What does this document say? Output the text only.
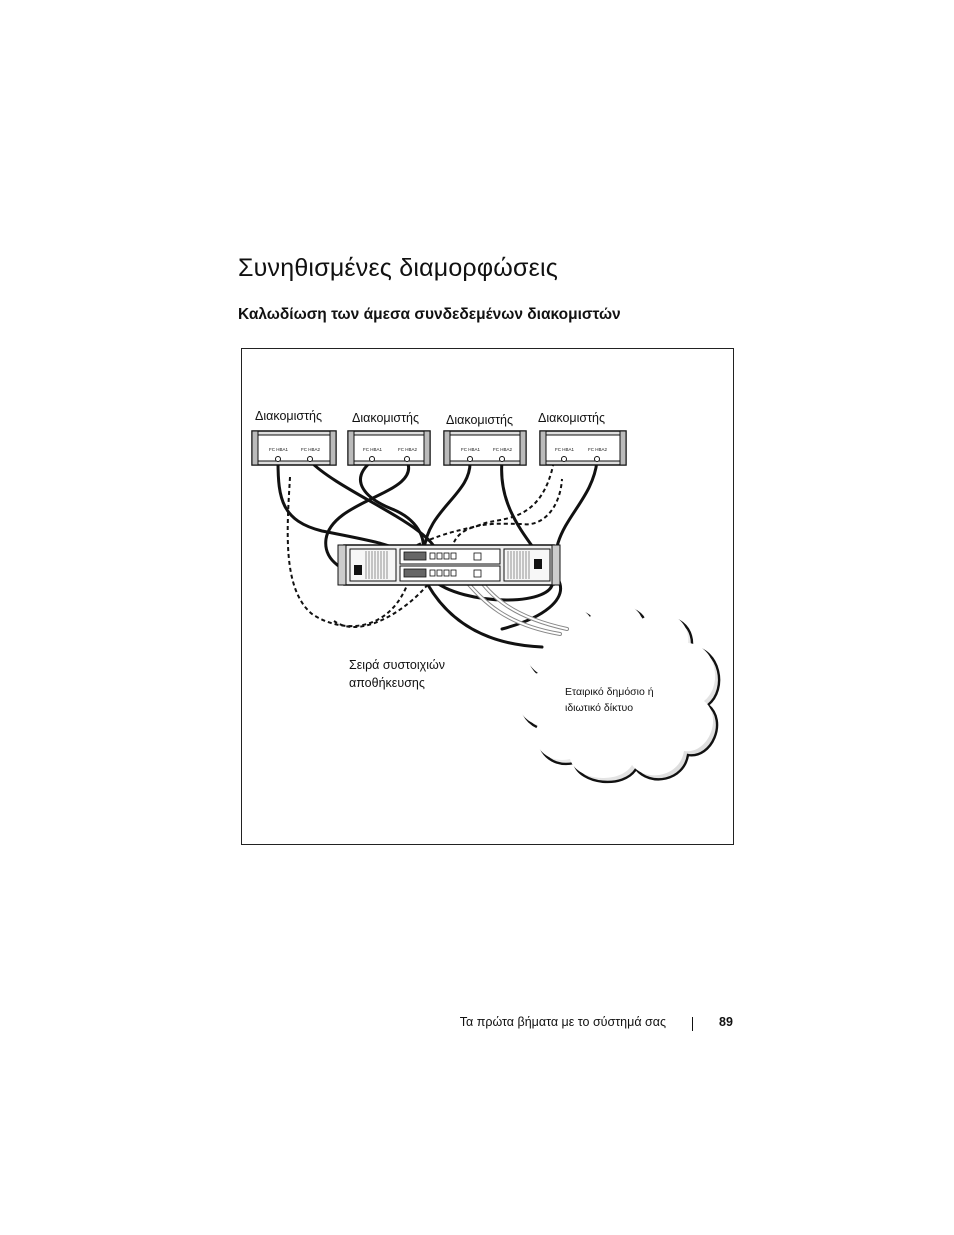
Συνηθισμένες διαμορφώσεις
Καλωδίωση των άμεσα συνδεδεμένων διακομιστών
Διακομιστής Διακομιστής Διακομιστής Διακομιστής
FC HBA1	FC HBA2	FC HBA1	FC HBA2	FC HBA1	FC HBA2	FC HBA1	FC HBA2
Σειρά συστοιχιών
αποθήκευσης
Εταιρικό δημόσιο ή
ιδιωτικό δίκτυο
Τα πρώτα βήματα με το σύστημά σας	89
